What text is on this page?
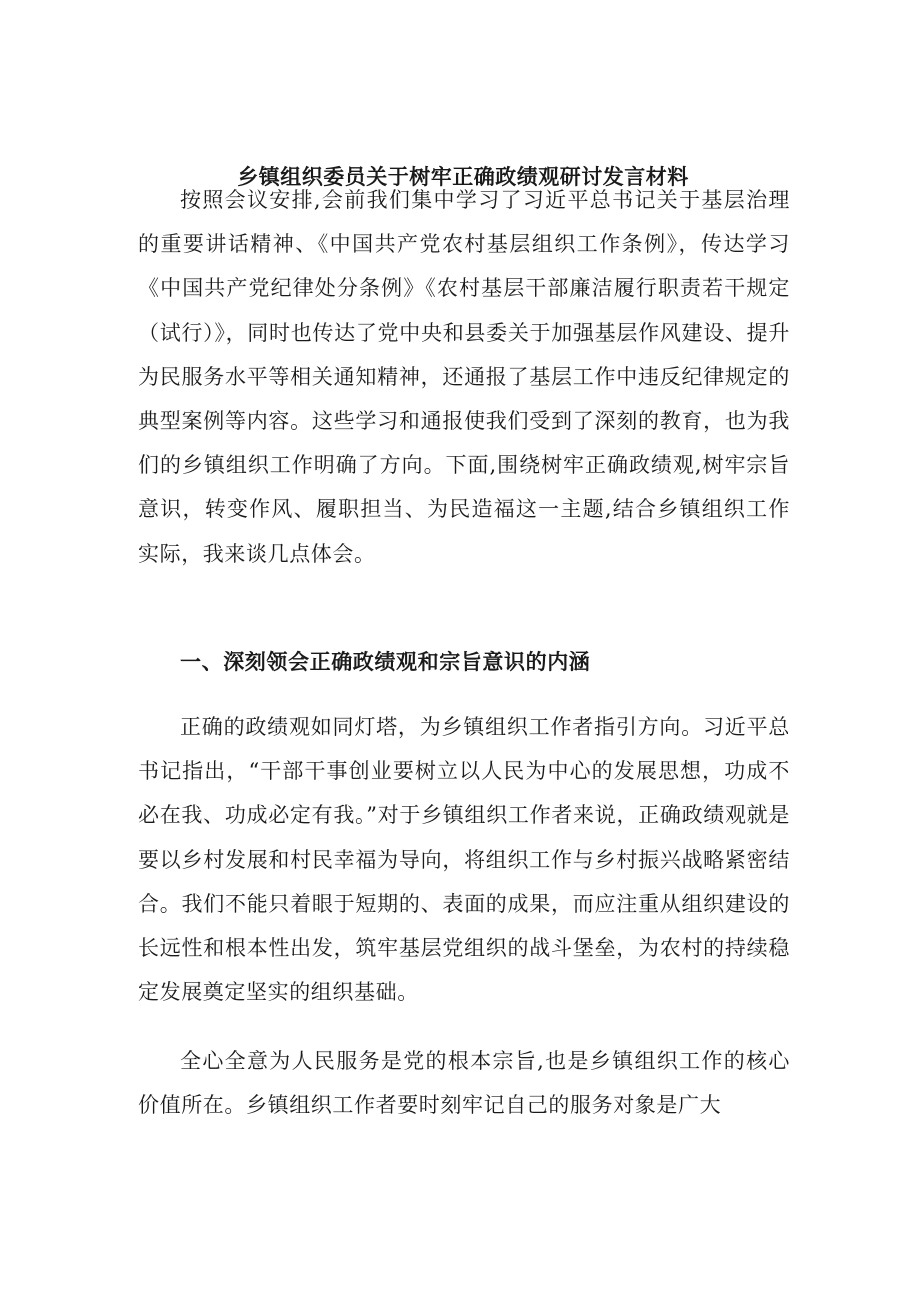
乡镇组织委员关于树牢正确政绩观研讨发言材料

按照会议安排,会前我们集中学习了习近平总书记关于基层治理的重要讲话精神、《中国共产党农村基层组织工作条例》，传达学习《中国共产党纪律处分条例》《农村基层干部廉洁履行职责若干规定（试行）》，同时也传达了党中央和县委关于加强基层作风建设、提升为民服务水平等相关通知精神，还通报了基层工作中违反纪律规定的典型案例等内容。这些学习和通报使我们受到了深刻的教育，也为我们的乡镇组织工作明确了方向。下面,围绕树牢正确政绩观,树牢宗旨意识，转变作风、履职担当、为民造福这一主题,结合乡镇组织工作实际，我来谈几点体会。

一、深刻领会正确政绩观和宗旨意识的内涵

正确的政绩观如同灯塔，为乡镇组织工作者指引方向。习近平总书记指出，“干部干事创业要树立以人民为中心的发展思想，功成不必在我、功成必定有我。”对于乡镇组织工作者来说，正确政绩观就是要以乡村发展和村民幸福为导向，将组织工作与乡村振兴战略紧密结合。我们不能只着眼于短期的、表面的成果，而应注重从组织建设的长远性和根本性出发，筑牢基层党组织的战斗堡垒，为农村的持续稳定发展奠定坚实的组织基础。

全心全意为人民服务是党的根本宗旨,也是乡镇组织工作的核心价值所在。乡镇组织工作者要时刻牢记自己的服务对象是广大
